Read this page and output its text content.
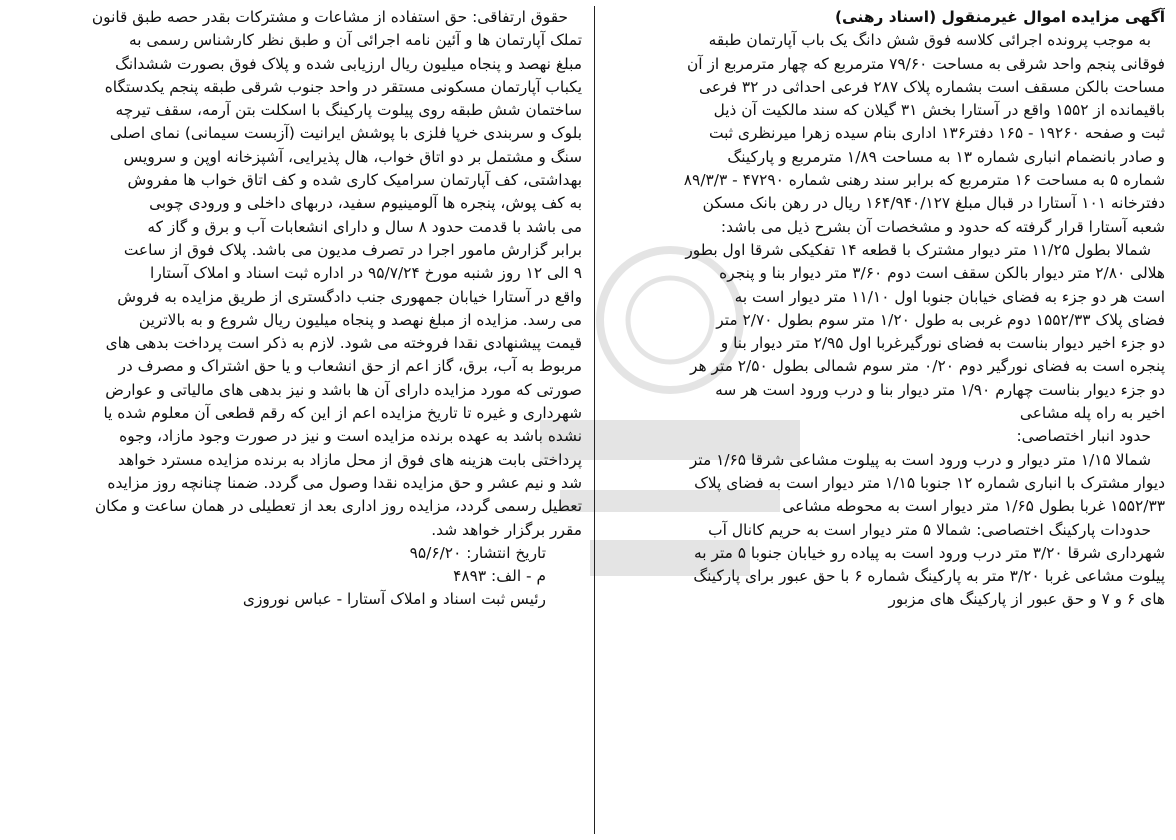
آگهی مزایده اموال غیرمنقول (اسناد رهنی)
به موجب پرونده اجرائی کلاسه فوق شش دانگ یک باب آپارتمان طبقه
فوقانی پنجم واحد شرقی به مساحت ۷۹/۶۰ مترمربع که چهار مترمربع از آن
مساحت بالکن مسقف است بشماره پلاک ۲۸۷ فرعی احداثی در ۳۲ فرعی
باقیمانده از ۱۵۵۲ واقع در آستارا بخش ۳۱ گیلان که سند مالکیت آن ذیل
ثبت و صفحه ۱۹۲۶۰ - ۱۶۵ دفتر۱۳۶ اداری بنام سیده زهرا میرنظری ثبت
و صادر بانضمام انباری شماره ۱۳ به مساحت ۱/۸۹ مترمربع و پارکینگ
شماره ۵ به مساحت ۱۶ مترمربع که برابر سند رهنی شماره ۴۷۲۹۰ - ۸۹/۳/۳
دفترخانه ۱۰۱ آستارا در قبال مبلغ ۱۶۴/۹۴۰/۱۲۷ ریال در رهن بانک مسکن
شعبه آستارا قرار گرفته که حدود و مشخصات آن بشرح ذیل می باشد:
شمالا بطول ۱۱/۲۵ متر دیوار مشترک با قطعه ۱۴ تفکیکی شرقا اول بطور
هلالی ۲/۸۰ متر دیوار بالکن سقف است دوم ۳/۶۰ متر دیوار بنا و پنجره
است هر دو جزء به فضای خیابان جنوبا اول ۱۱/۱۰ متر دیوار است به
فضای پلاک ۱۵۵۲/۳۳ دوم غربی به طول ۱/۲۰ متر سوم بطول ۲/۷۰ متر
دو جزء اخیر دیوار بناست به فضای نورگیرغربا اول ۲/۹۵ متر دیوار بنا و
پنجره است به فضای نورگیر دوم ۰/۲۰ متر سوم شمالی بطول ۲/۵۰ متر هر
دو جزء دیوار بناست چهارم ۱/۹۰ متر دیوار بنا و درب ورود است هر سه
اخیر به راه پله مشاعی
حدود انبار اختصاصی:
شمالا ۱/۱۵ متر دیوار و درب ورود است به پیلوت مشاعی شرقا ۱/۶۵ متر
دیوار مشترک با انباری شماره ۱۲ جنوبا ۱/۱۵ متر دیوار است به فضای پلاک
۱۵۵۲/۳۳ غربا بطول ۱/۶۵ متر دیوار است به محوطه مشاعی
حدودات پارکینگ اختصاصی: شمالا ۵ متر دیوار است به حریم کانال آب
شهرداری شرقا ۳/۲۰ متر درب ورود است به پیاده رو خیابان جنوبا ۵ متر به
پیلوت مشاعی غربا ۳/۲۰ متر به پارکینگ شماره ۶ با حق عبور برای پارکینگ
های ۶ و ۷ و حق عبور از پارکینگ های مزبور
حقوق ارتفاقی: حق استفاده از مشاعات و مشترکات بقدر حصه طبق قانون
تملک آپارتمان ها و آئین نامه اجرائی آن و طبق نظر کارشناس رسمی به
مبلغ نهصد و پنجاه میلیون ریال ارزیابی شده و پلاک فوق بصورت ششدانگ
یکباب آپارتمان مسکونی مستقر در واحد جنوب شرقی طبقه پنجم یکدستگاه
ساختمان شش طبقه روی پیلوت پارکینگ با اسکلت بتن آرمه، سقف تیرچه
بلوک و سربندی خرپا فلزی با پوشش ایرانیت (آزبست سیمانی) نمای اصلی
سنگ و مشتمل بر دو اتاق خواب، هال پذیرایی، آشپزخانه اوپن و سرویس
بهداشتی، کف آپارتمان سرامیک کاری شده و کف اتاق خواب ها مفروش
به کف پوش، پنجره ها آلومینیوم سفید، دربهای داخلی و ورودی چوبی
می باشد با قدمت حدود ۸ سال و دارای انشعابات آب و برق و گاز که
برابر گزارش مامور اجرا در تصرف مدیون می باشد. پلاک فوق از ساعت
۹ الی ۱۲ روز شنبه مورخ ۹۵/۷/۲۴ در اداره ثبت اسناد و املاک آستارا
واقع در آستارا خیابان جمهوری جنب دادگستری از طریق مزایده به فروش
می رسد. مزایده از مبلغ نهصد و پنجاه میلیون ریال شروع و به بالاترین
قیمت پیشنهادی نقدا فروخته می شود. لازم به ذکر است پرداخت بدهی های
مربوط به آب، برق، گاز اعم از حق انشعاب و یا حق اشتراک و مصرف در
صورتی که مورد مزایده دارای آن ها باشد و نیز بدهی های مالیاتی و عوارض
شهرداری و غیره تا تاریخ مزایده اعم از این که رقم قطعی آن معلوم شده یا
نشده باشد به عهده برنده مزایده است و نیز در صورت وجود مازاد، وجوه
پرداختی بابت هزینه های فوق از محل مازاد به برنده مزایده مسترد خواهد
شد و نیم عشر و حق مزایده نقدا وصول می گردد. ضمنا چنانچه روز مزایده
تعطیل رسمی گردد، مزایده روز اداری بعد از تعطیلی در همان ساعت و مکان
مقرر برگزار خواهد شد.
تاریخ انتشار: ۹۵/۶/۲۰
م - الف: ۴۸۹۳
رئیس ثبت اسناد و املاک آستارا - عباس نوروزی
